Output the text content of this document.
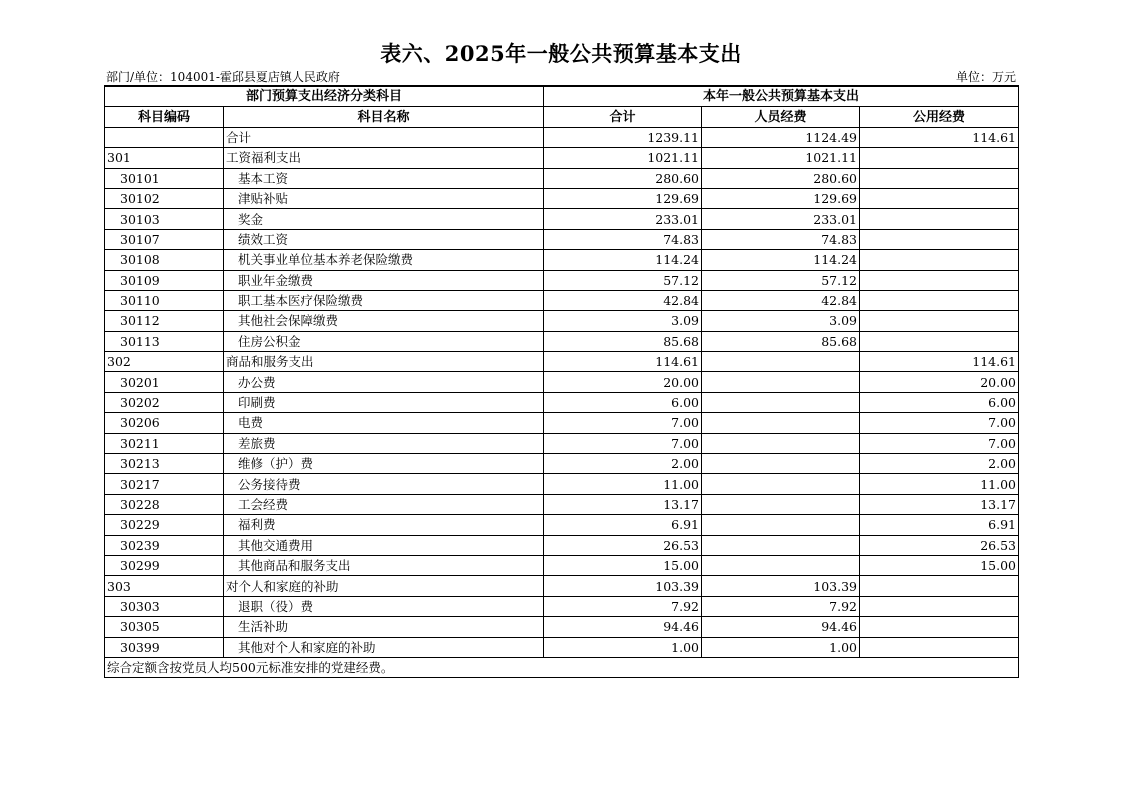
表六、2025年一般公共预算基本支出
部门/单位：104001-霍邱县夏店镇人民政府	单位：万元
部门预算支出经济分类科目		本年一般公共预算基本支出		
科目编码	科目名称	合计	人员经费	公用经费
	合计	1239.11	1124.49	114.61
301	工资福利支出	1021.11	1021.11	
30101	基本工资	280.60	280.60	
30102	津贴补贴	129.69	129.69	
30103	奖金	233.01	233.01	
30107	绩效工资	74.83	74.83	
30108	机关事业单位基本养老保险缴费	114.24	114.24	
30109	职业年金缴费	57.12	57.12	
30110	职工基本医疗保险缴费	42.84	42.84	
30112	其他社会保障缴费	3.09	3.09	
30113	住房公积金	85.68	85.68	
302	商品和服务支出	114.61		114.61
30201	办公费	20.00		20.00
30202	印刷费	6.00		6.00
30206	电费	7.00		7.00
30211	差旅费	7.00		7.00
30213	维修（护）费	2.00		2.00
30217	公务接待费	11.00		11.00
30228	工会经费	13.17		13.17
30229	福利费	6.91		6.91
30239	其他交通费用	26.53		26.53
30299	其他商品和服务支出	15.00		15.00
303	对个人和家庭的补助	103.39	103.39	
30303	退职（役）费	7.92	7.92	
30305	生活补助	94.46	94.46	
30399	其他对个人和家庭的补助	1.00	1.00	
综合定额含按党员人均500元标准安排的党建经费。				
